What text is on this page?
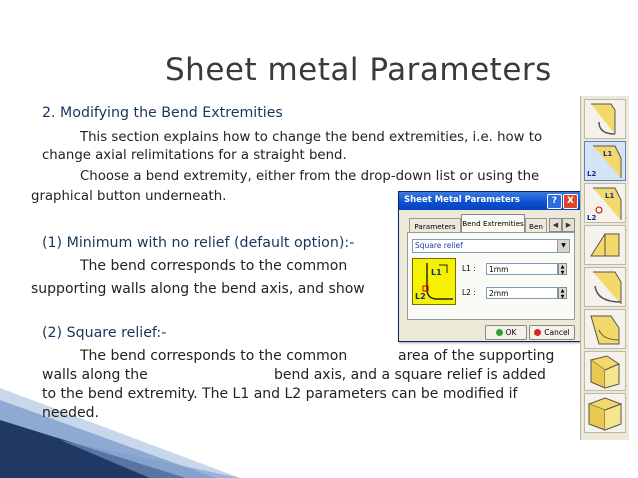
Sheet metal Parameters
2. Modifying the Bend Extremities
This section explains how to change the bend extremities, i.e. how to
change axial relimitations for a straight bend.
Choose a bend extremity, either from the drop-down list or using the
graphical button underneath.
(1) Minimum with no relief (default option):-
The bend corresponds to the common
supporting walls along the bend axis, and show
(2) Square relief:-
The bend corresponds to the common	area of the supporting
walls along the	bend axis, and a square relief is added
to the bend extremity. The L1 and L2 parameters can be modified if
needed.
Sheet Metal Parameters	?	X
Parameters Bend Extremities Ben	◀	▶
Square relief	▼
L1
L2
L1 :	1mm	▲
▼
L2 :	2mm	▲
▼
OK	Cancel
L1
L2
L1
L2
